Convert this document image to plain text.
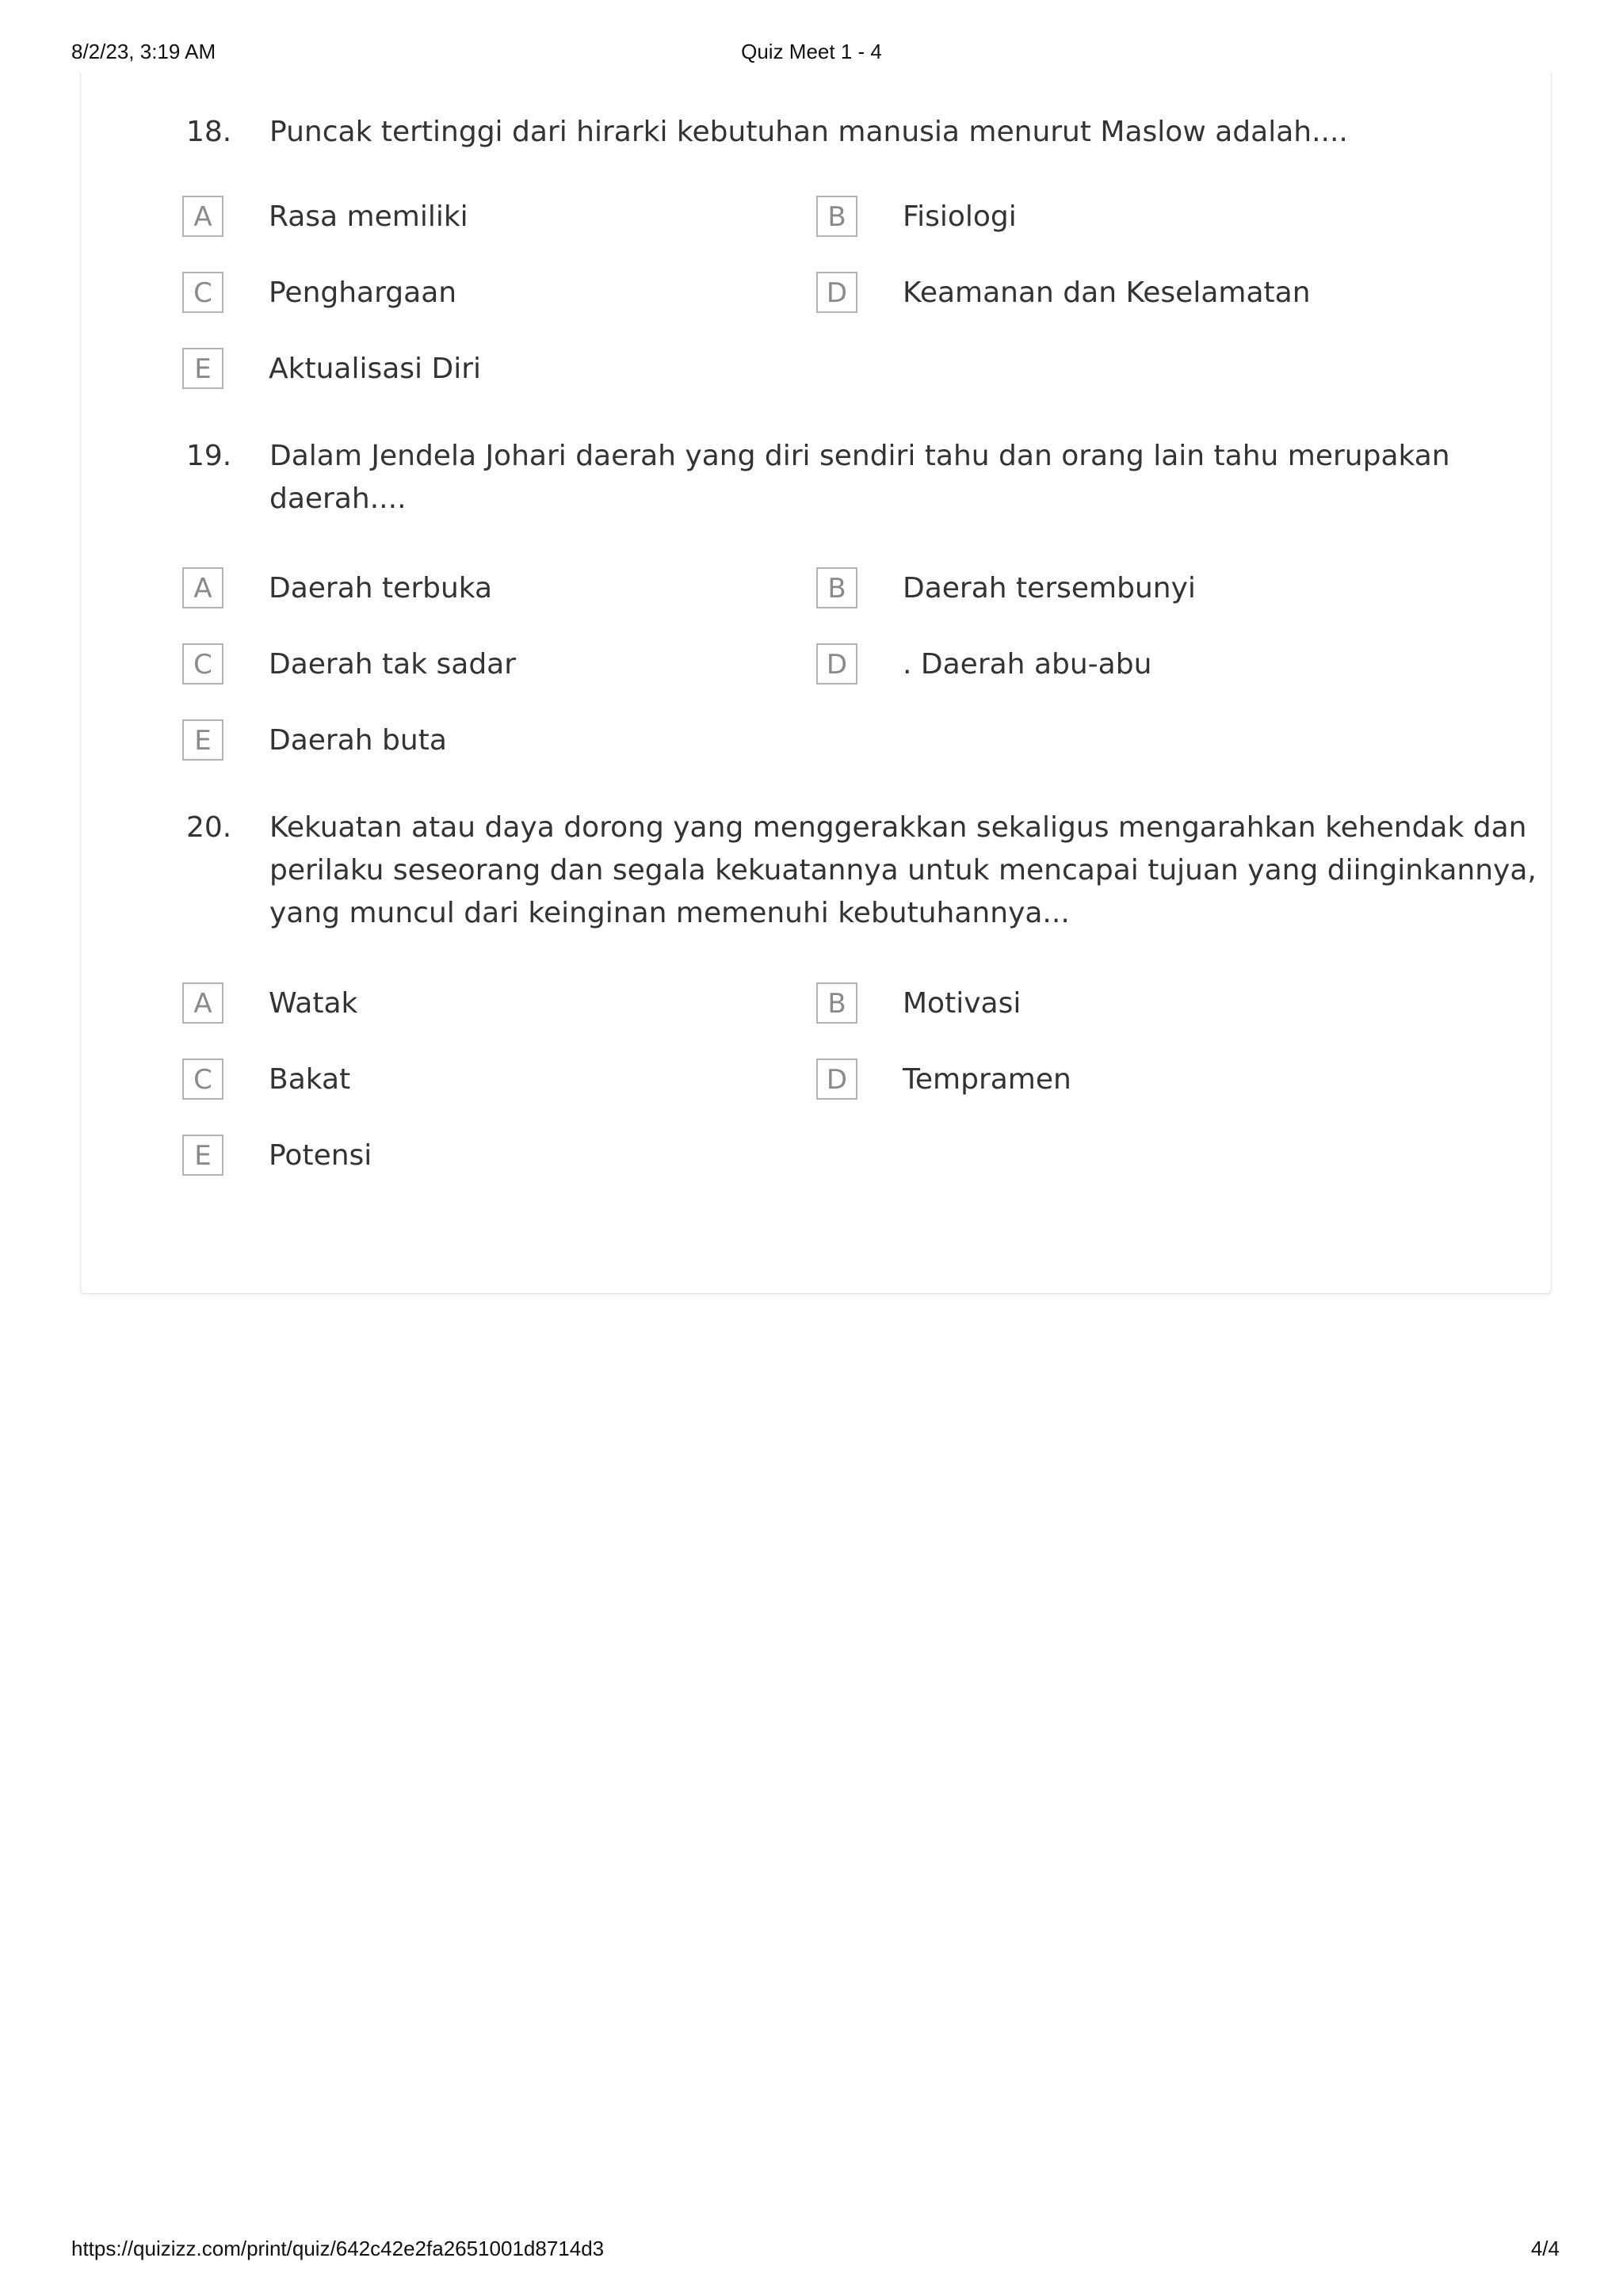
8/2/23, 3:19 AM	Quiz Meet 1 - 4
18. Puncak tertinggi dari hirarki kebutuhan manusia menurut Maslow adalah....
A	Rasa memiliki	B	Fisiologi
C	Penghargaan	D	Keamanan dan Keselamatan
E	Aktualisasi Diri
19. Dalam Jendela Johari daerah yang diri sendiri tahu dan orang lain tahu merupakan daerah....
A	Daerah terbuka	B	Daerah tersembunyi
C	Daerah tak sadar	D	. Daerah abu-abu
E	Daerah buta
20. Kekuatan atau daya dorong yang menggerakkan sekaligus mengarahkan kehendak dan perilaku seseorang dan segala kekuatannya untuk mencapai tujuan yang diinginkannya, yang muncul dari keinginan memenuhi kebutuhannya...
A	Watak	B	Motivasi
C	Bakat	D	Tempramen
E	Potensi
https://quizizz.com/print/quiz/642c42e2fa2651001d8714d3	4/4
